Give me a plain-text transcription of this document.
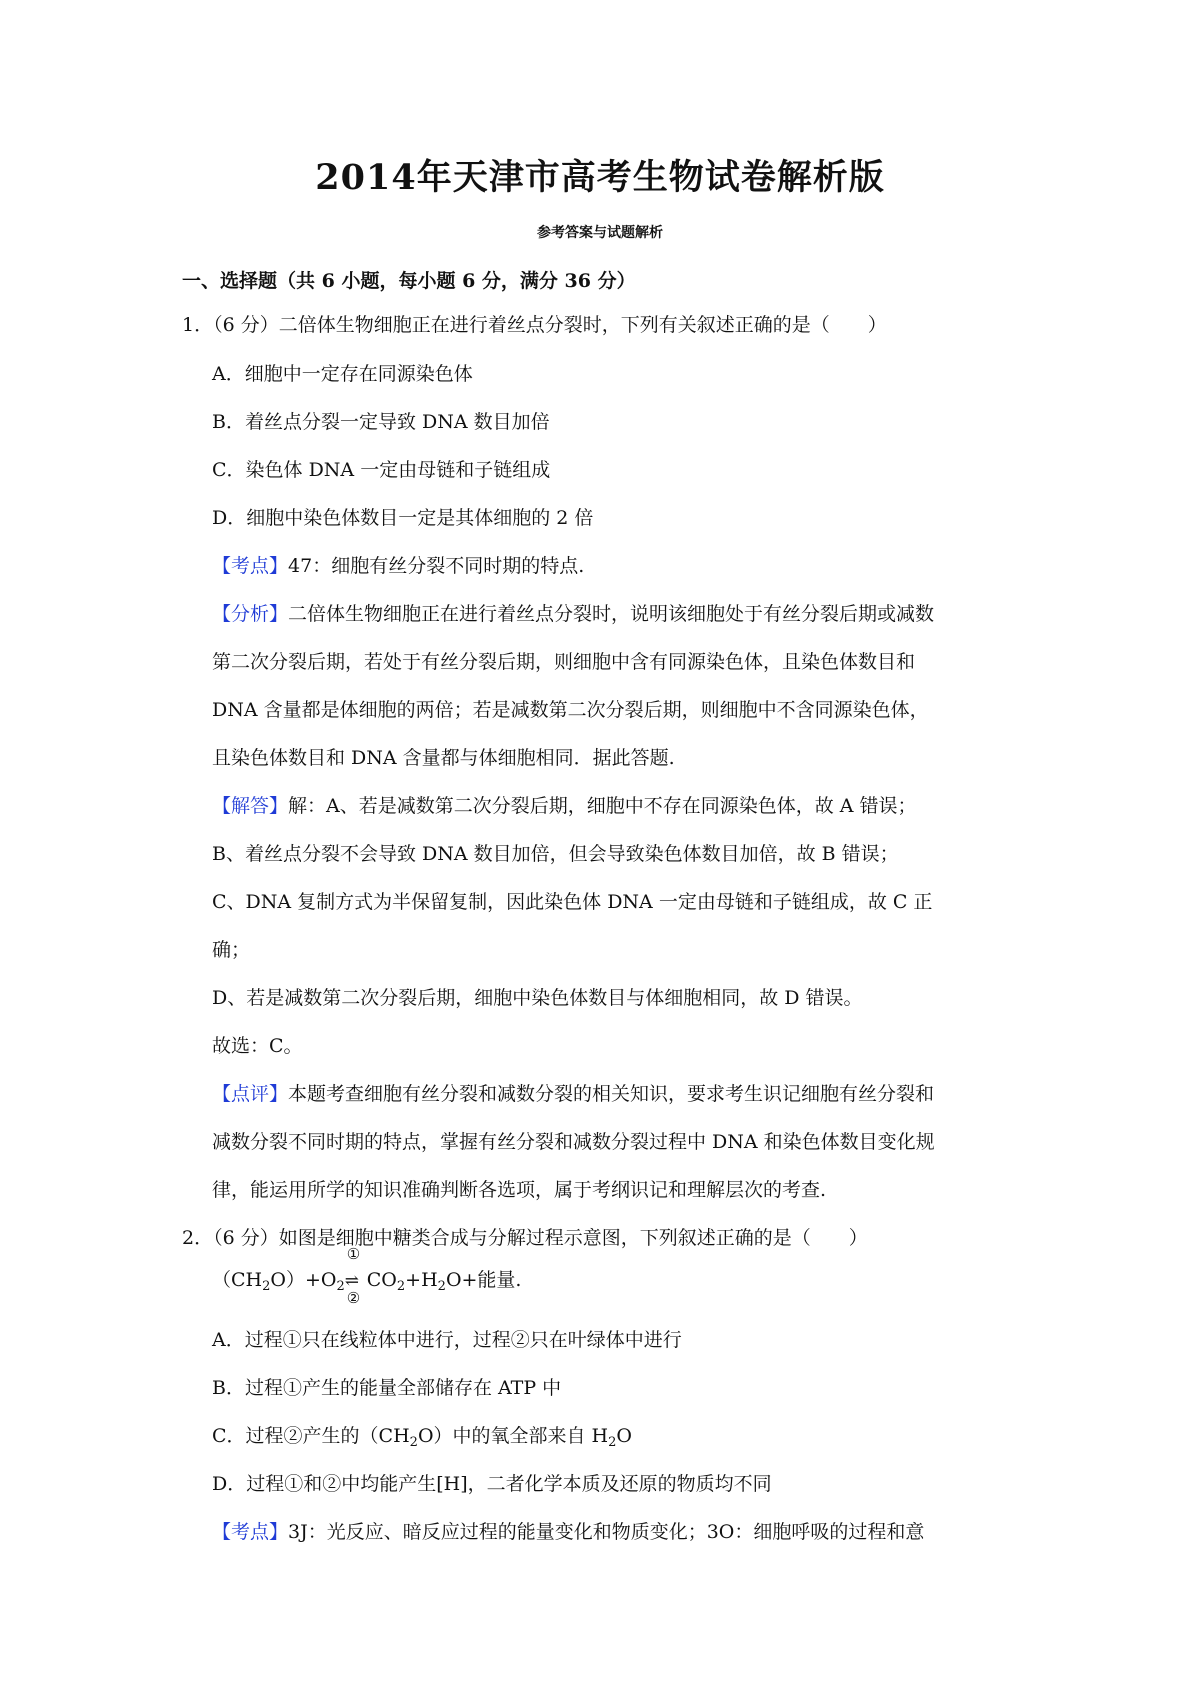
2014年天津市高考生物试卷解析版
参考答案与试题解析
一、选择题（共 6 小题，每小题 6 分，满分 36 分）
1．（6 分）二倍体生物细胞正在进行着丝点分裂时，下列有关叙述正确的是（　　）
A．细胞中一定存在同源染色体
B．着丝点分裂一定导致 DNA 数目加倍
C．染色体 DNA 一定由母链和子链组成
D．细胞中染色体数目一定是其体细胞的 2 倍
【考点】47：细胞有丝分裂不同时期的特点.
【分析】二倍体生物细胞正在进行着丝点分裂时，说明该细胞处于有丝分裂后期或减数
第二次分裂后期，若处于有丝分裂后期，则细胞中含有同源染色体，且染色体数目和
DNA 含量都是体细胞的两倍；若是减数第二次分裂后期，则细胞中不含同源染色体，
且染色体数目和 DNA 含量都与体细胞相同．据此答题.
【解答】解：A、若是减数第二次分裂后期，细胞中不存在同源染色体，故 A 错误；
B、着丝点分裂不会导致 DNA 数目加倍，但会导致染色体数目加倍，故 B 错误；
C、DNA 复制方式为半保留复制，因此染色体 DNA 一定由母链和子链组成，故 C 正
确；
D、若是减数第二次分裂后期，细胞中染色体数目与体细胞相同，故 D 错误。
故选：C。
【点评】本题考查细胞有丝分裂和减数分裂的相关知识，要求考生识记细胞有丝分裂和
减数分裂不同时期的特点，掌握有丝分裂和减数分裂过程中 DNA 和染色体数目变化规
律，能运用所学的知识准确判断各选项，属于考纲识记和理解层次的考查.
2．（6 分）如图是细胞中糖类合成与分解过程示意图，下列叙述正确的是（　　）
$(CH_2O)+O_2$
①
⇌
②
$CO_2+H_2O+$能量.
A．过程①只在线粒体中进行，过程②只在叶绿体中进行
B．过程①产生的能量全部储存在 ATP 中
C．过程②产生的$(CH_2O)$中的氧全部来自 $H_2O$
D．过程①和②中均能产生[H]，二者化学本质及还原的物质均不同
【考点】3J：光反应、暗反应过程的能量变化和物质变化；3O：细胞呼吸的过程和意
